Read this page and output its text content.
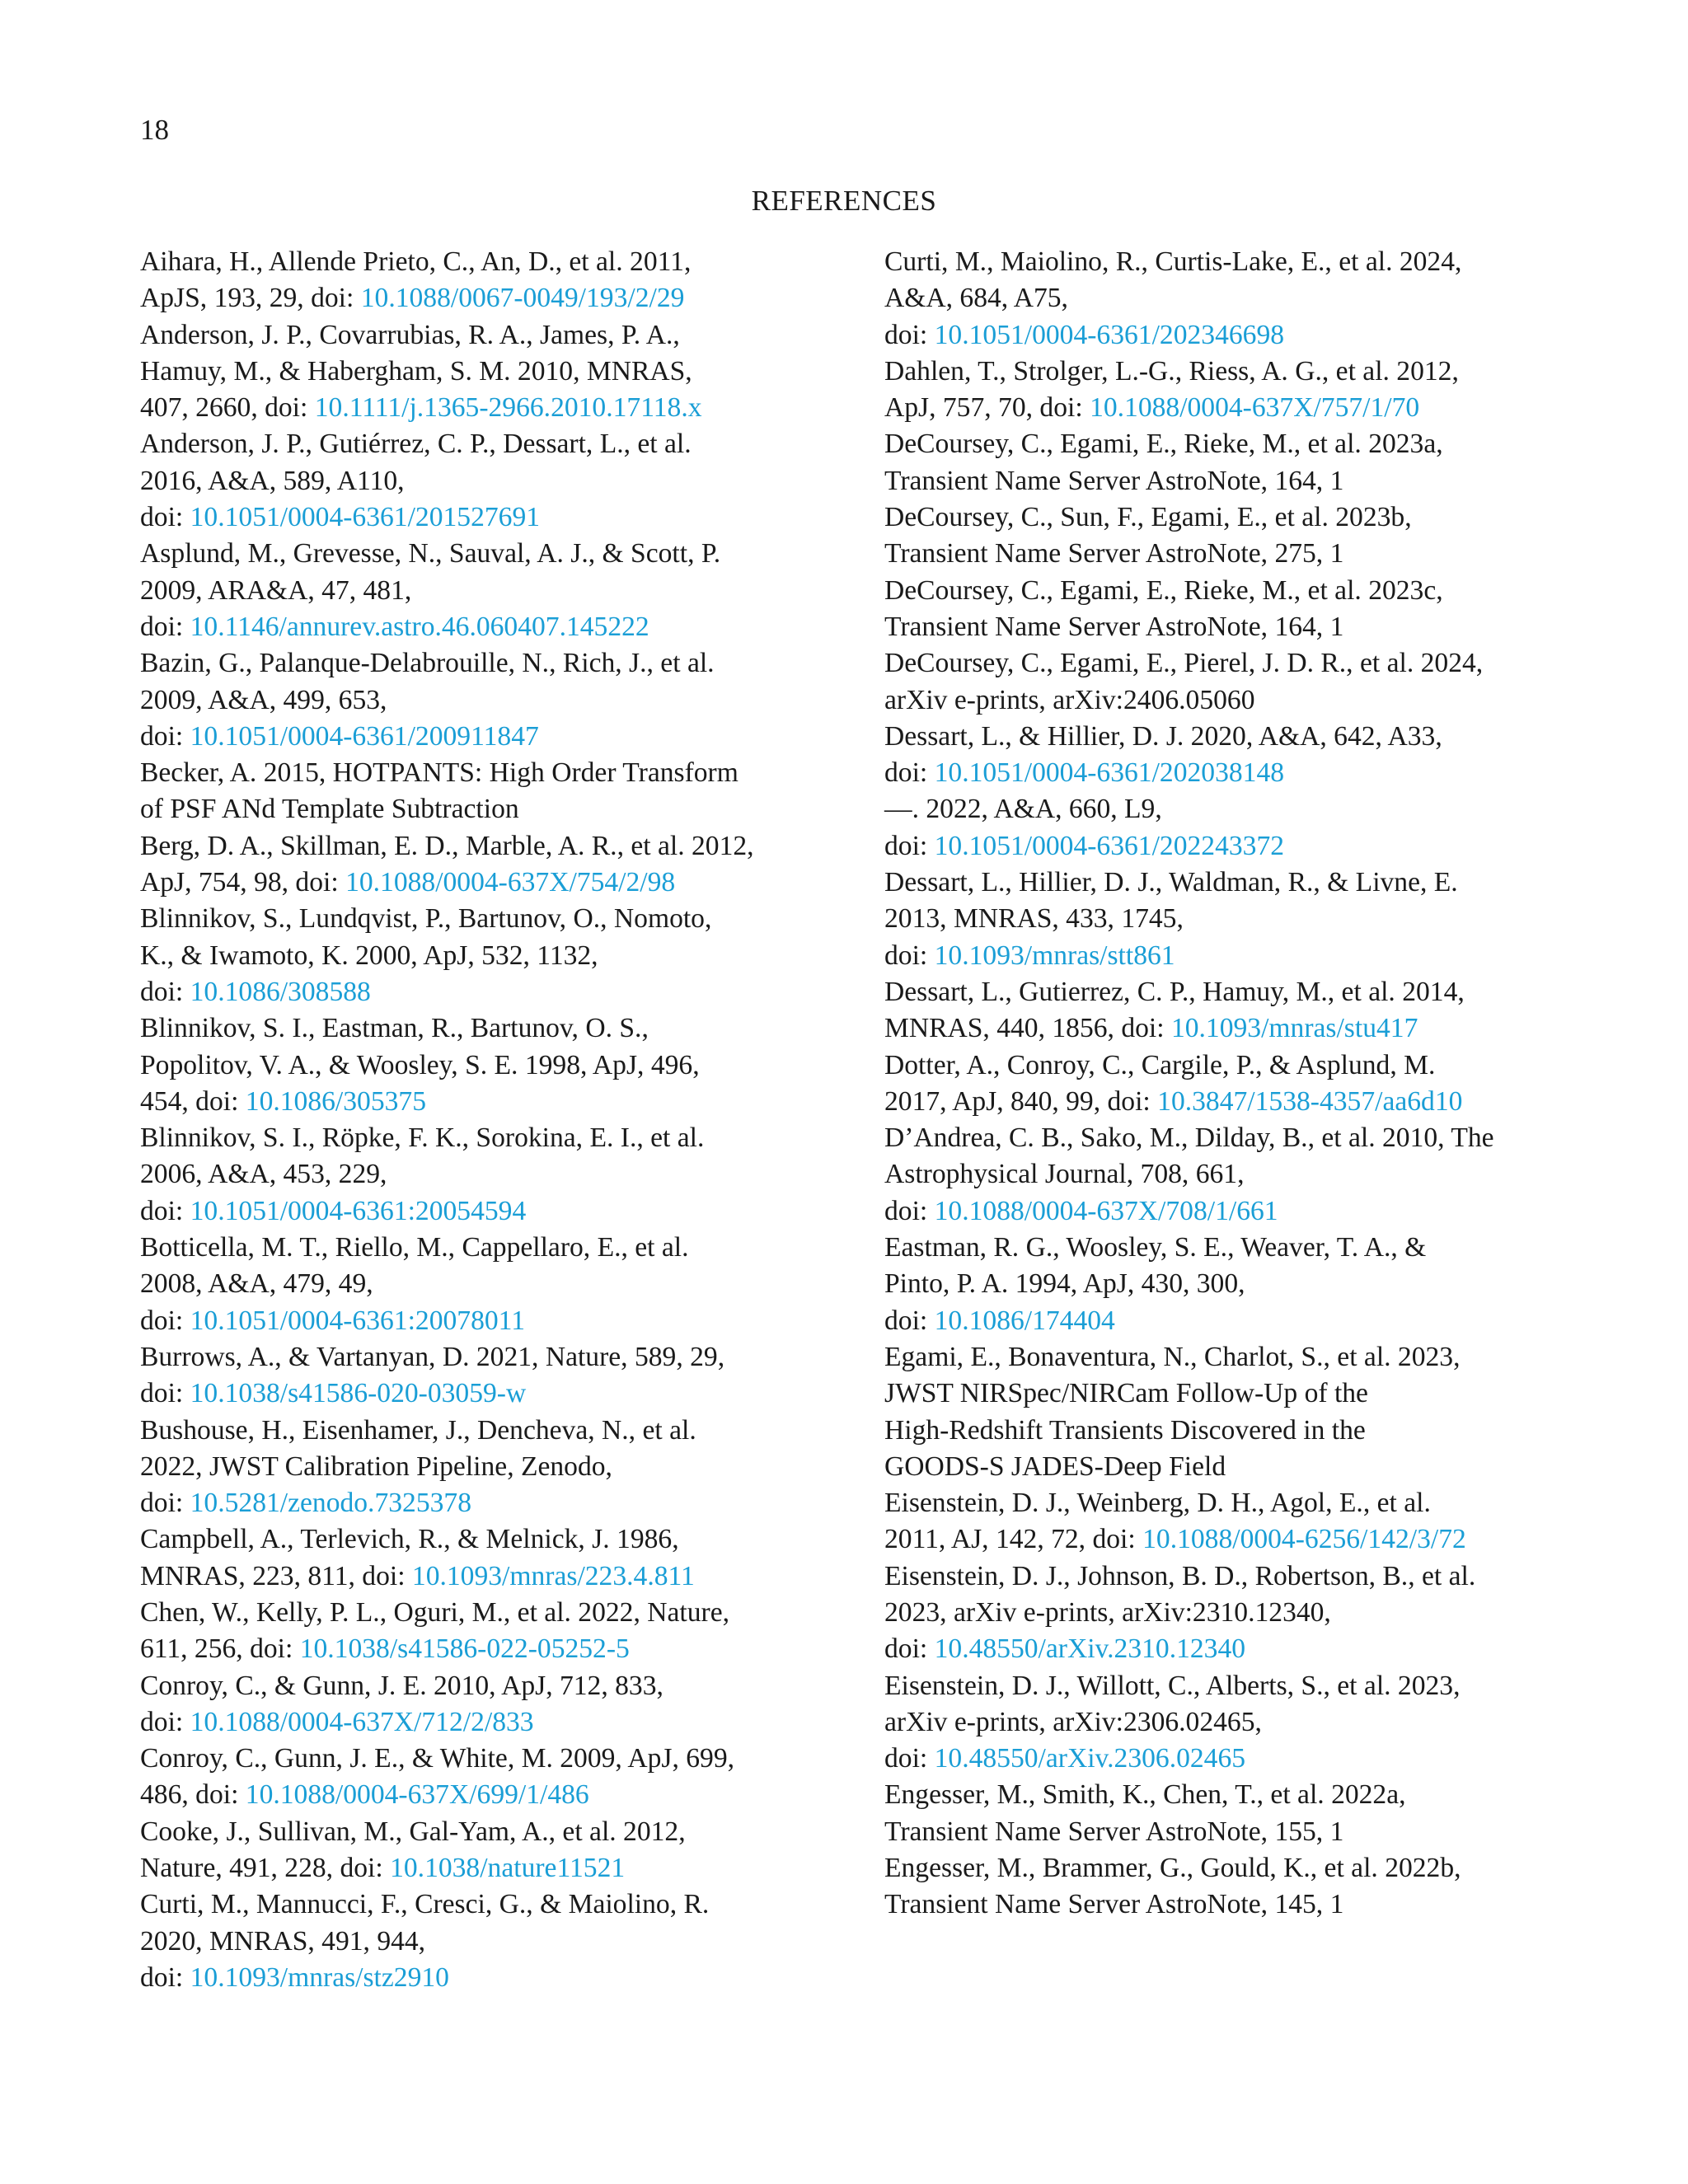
18
REFERENCES
Aihara, H., Allende Prieto, C., An, D., et al. 2011,
ApJS, 193, 29, doi: 10.1088/0067-0049/193/2/29
Anderson, J. P., Covarrubias, R. A., James, P. A.,
Hamuy, M., & Habergham, S. M. 2010, MNRAS,
407, 2660, doi: 10.1111/j.1365-2966.2010.17118.x
Anderson, J. P., Gutiérrez, C. P., Dessart, L., et al.
2016, A&A, 589, A110,
doi: 10.1051/0004-6361/201527691
Asplund, M., Grevesse, N., Sauval, A. J., & Scott, P.
2009, ARA&A, 47, 481,
doi: 10.1146/annurev.astro.46.060407.145222
Bazin, G., Palanque-Delabrouille, N., Rich, J., et al.
2009, A&A, 499, 653,
doi: 10.1051/0004-6361/200911847
Becker, A. 2015, HOTPANTS: High Order Transform
of PSF ANd Template Subtraction
Berg, D. A., Skillman, E. D., Marble, A. R., et al. 2012,
ApJ, 754, 98, doi: 10.1088/0004-637X/754/2/98
Blinnikov, S., Lundqvist, P., Bartunov, O., Nomoto,
K., & Iwamoto, K. 2000, ApJ, 532, 1132,
doi: 10.1086/308588
Blinnikov, S. I., Eastman, R., Bartunov, O. S.,
Popolitov, V. A., & Woosley, S. E. 1998, ApJ, 496,
454, doi: 10.1086/305375
Blinnikov, S. I., Röpke, F. K., Sorokina, E. I., et al.
2006, A&A, 453, 229,
doi: 10.1051/0004-6361:20054594
Botticella, M. T., Riello, M., Cappellaro, E., et al.
2008, A&A, 479, 49,
doi: 10.1051/0004-6361:20078011
Burrows, A., & Vartanyan, D. 2021, Nature, 589, 29,
doi: 10.1038/s41586-020-03059-w
Bushouse, H., Eisenhamer, J., Dencheva, N., et al.
2022, JWST Calibration Pipeline, Zenodo,
doi: 10.5281/zenodo.7325378
Campbell, A., Terlevich, R., & Melnick, J. 1986,
MNRAS, 223, 811, doi: 10.1093/mnras/223.4.811
Chen, W., Kelly, P. L., Oguri, M., et al. 2022, Nature,
611, 256, doi: 10.1038/s41586-022-05252-5
Conroy, C., & Gunn, J. E. 2010, ApJ, 712, 833,
doi: 10.1088/0004-637X/712/2/833
Conroy, C., Gunn, J. E., & White, M. 2009, ApJ, 699,
486, doi: 10.1088/0004-637X/699/1/486
Cooke, J., Sullivan, M., Gal-Yam, A., et al. 2012,
Nature, 491, 228, doi: 10.1038/nature11521
Curti, M., Mannucci, F., Cresci, G., & Maiolino, R.
2020, MNRAS, 491, 944,
doi: 10.1093/mnras/stz2910
Curti, M., Maiolino, R., Curtis-Lake, E., et al. 2024,
A&A, 684, A75,
doi: 10.1051/0004-6361/202346698
Dahlen, T., Strolger, L.-G., Riess, A. G., et al. 2012,
ApJ, 757, 70, doi: 10.1088/0004-637X/757/1/70
DeCoursey, C., Egami, E., Rieke, M., et al. 2023a,
Transient Name Server AstroNote, 164, 1
DeCoursey, C., Sun, F., Egami, E., et al. 2023b,
Transient Name Server AstroNote, 275, 1
DeCoursey, C., Egami, E., Rieke, M., et al. 2023c,
Transient Name Server AstroNote, 164, 1
DeCoursey, C., Egami, E., Pierel, J. D. R., et al. 2024,
arXiv e-prints, arXiv:2406.05060
Dessart, L., & Hillier, D. J. 2020, A&A, 642, A33,
doi: 10.1051/0004-6361/202038148
—. 2022, A&A, 660, L9,
doi: 10.1051/0004-6361/202243372
Dessart, L., Hillier, D. J., Waldman, R., & Livne, E.
2013, MNRAS, 433, 1745,
doi: 10.1093/mnras/stt861
Dessart, L., Gutierrez, C. P., Hamuy, M., et al. 2014,
MNRAS, 440, 1856, doi: 10.1093/mnras/stu417
Dotter, A., Conroy, C., Cargile, P., & Asplund, M.
2017, ApJ, 840, 99, doi: 10.3847/1538-4357/aa6d10
D’Andrea, C. B., Sako, M., Dilday, B., et al. 2010, The
Astrophysical Journal, 708, 661,
doi: 10.1088/0004-637X/708/1/661
Eastman, R. G., Woosley, S. E., Weaver, T. A., &
Pinto, P. A. 1994, ApJ, 430, 300,
doi: 10.1086/174404
Egami, E., Bonaventura, N., Charlot, S., et al. 2023,
JWST NIRSpec/NIRCam Follow-Up of the
High-Redshift Transients Discovered in the
GOODS-S JADES-Deep Field
Eisenstein, D. J., Weinberg, D. H., Agol, E., et al.
2011, AJ, 142, 72, doi: 10.1088/0004-6256/142/3/72
Eisenstein, D. J., Johnson, B. D., Robertson, B., et al.
2023, arXiv e-prints, arXiv:2310.12340,
doi: 10.48550/arXiv.2310.12340
Eisenstein, D. J., Willott, C., Alberts, S., et al. 2023,
arXiv e-prints, arXiv:2306.02465,
doi: 10.48550/arXiv.2306.02465
Engesser, M., Smith, K., Chen, T., et al. 2022a,
Transient Name Server AstroNote, 155, 1
Engesser, M., Brammer, G., Gould, K., et al. 2022b,
Transient Name Server AstroNote, 145, 1
